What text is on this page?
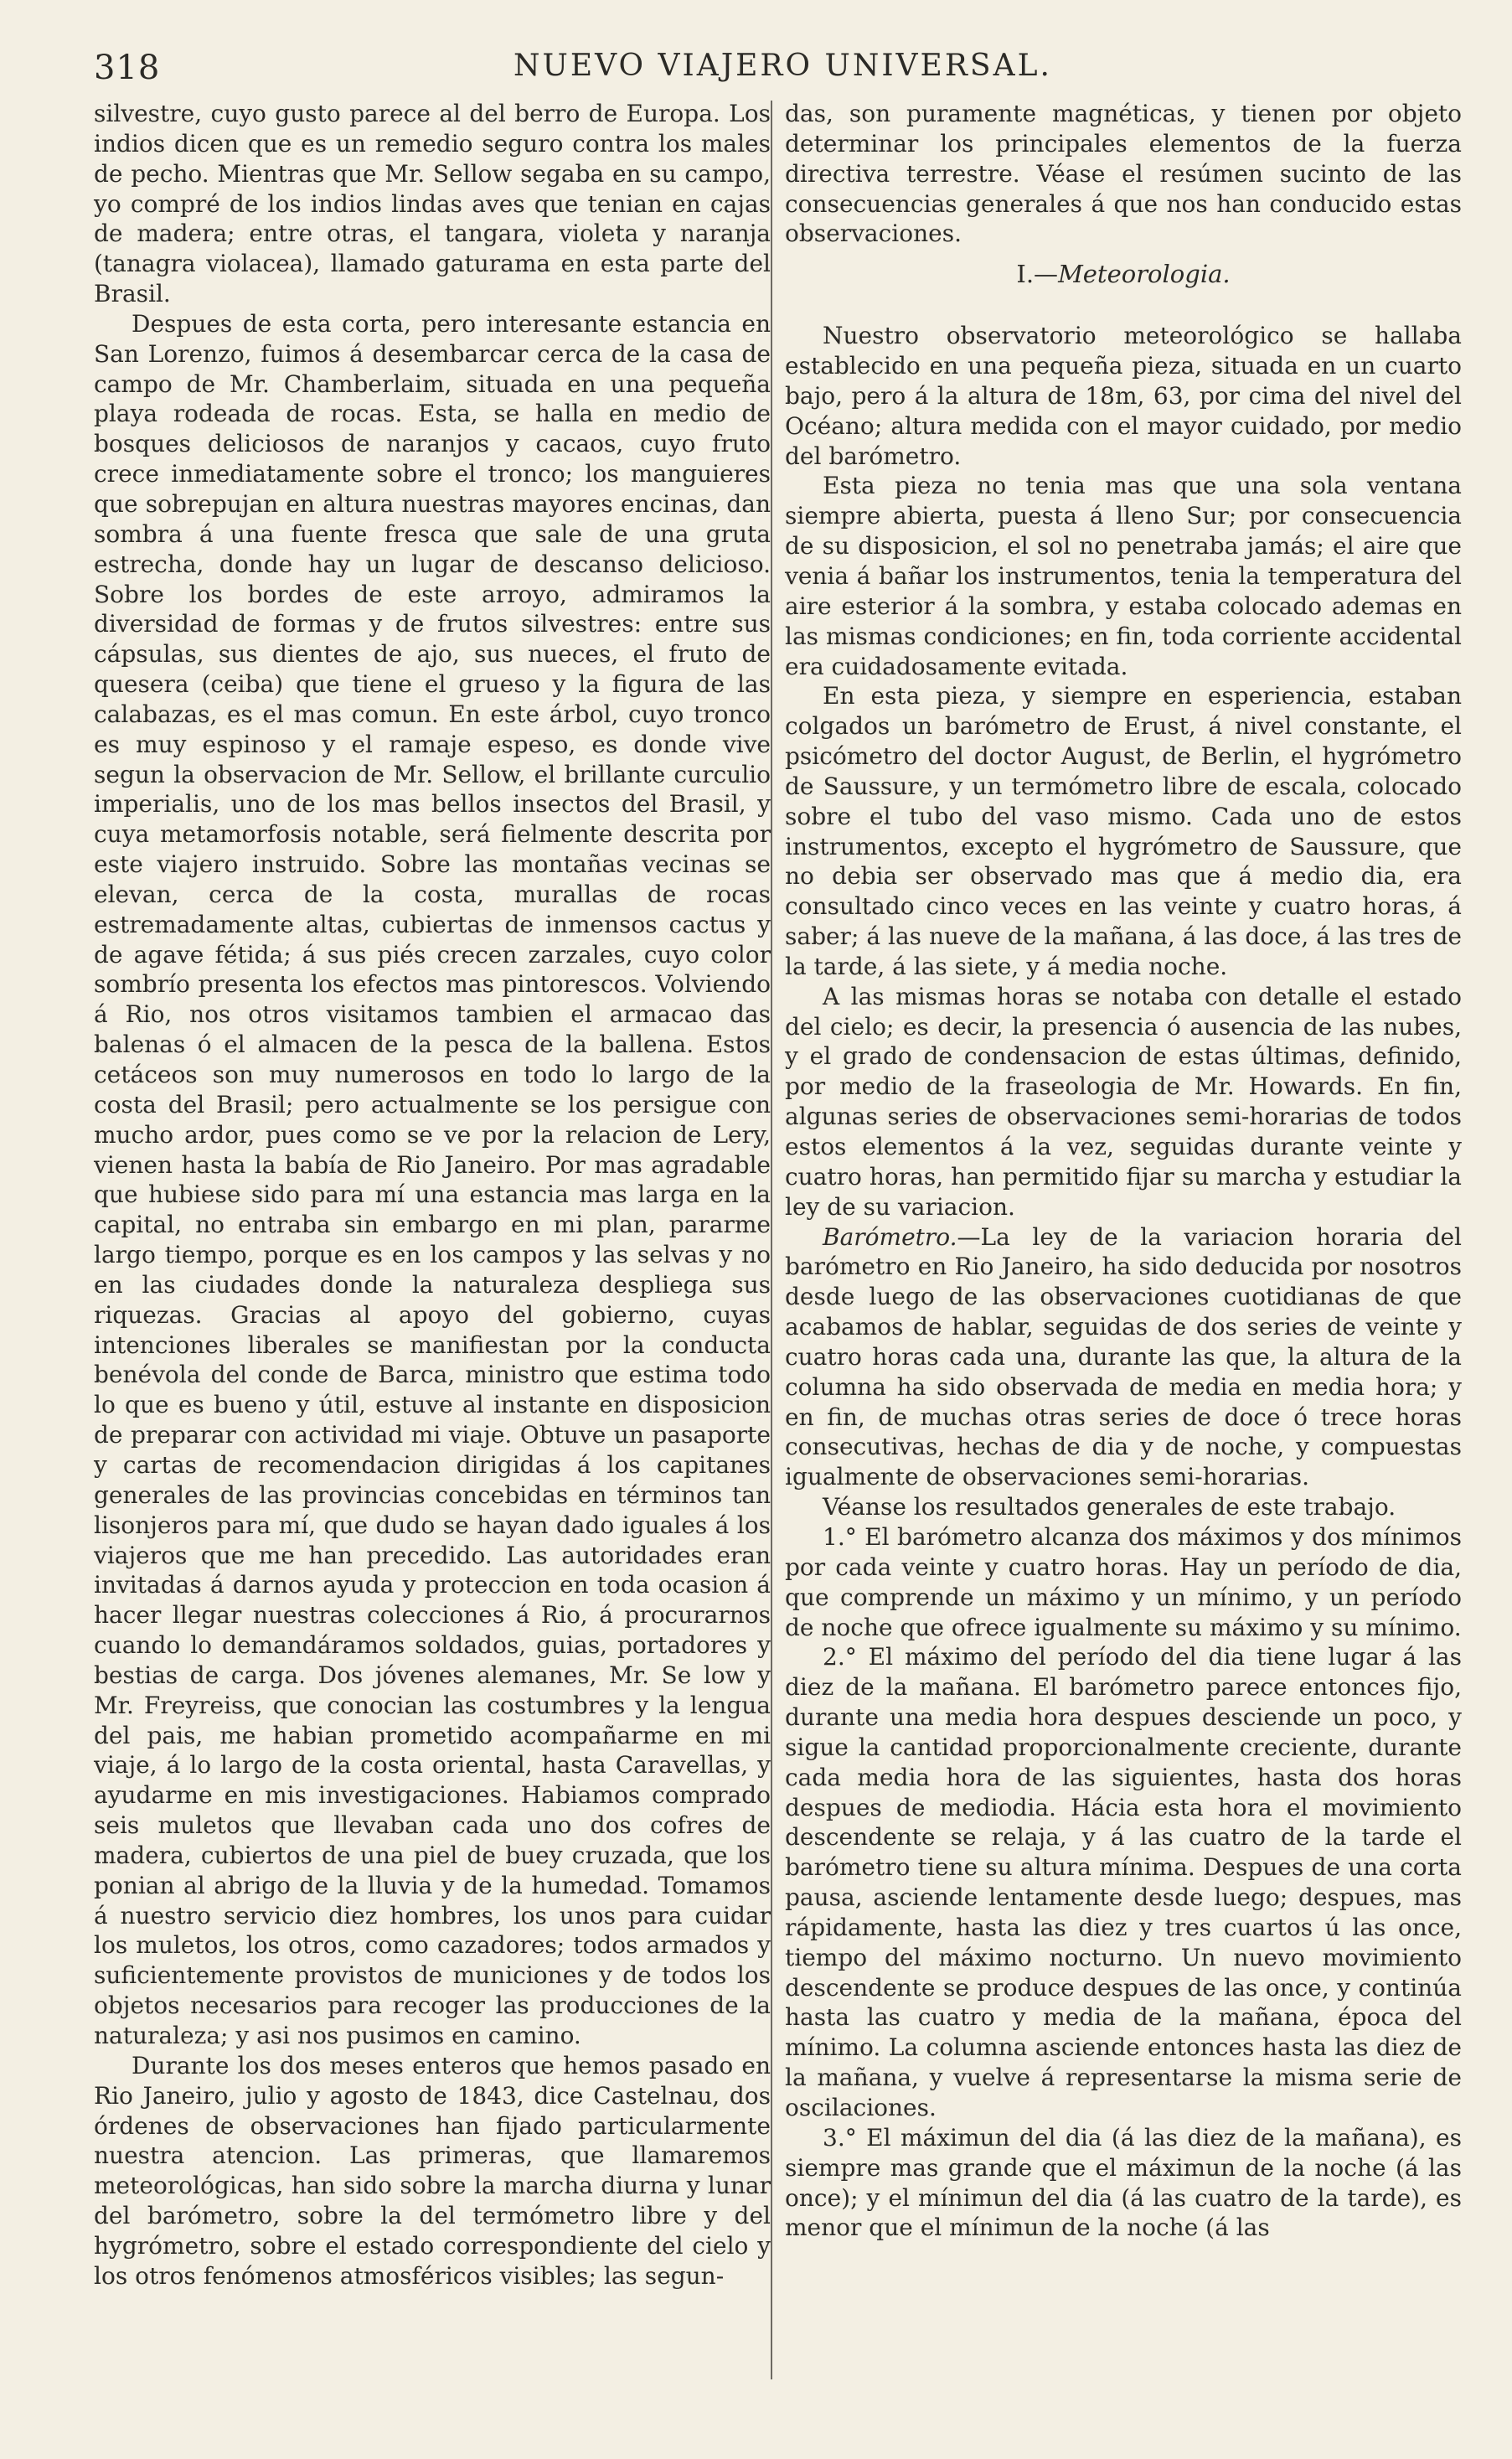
318	NUEVO VIAJERO UNIVERSAL.

silvestre, cuyo gusto parece al del berro de Europa. Los indios dicen que es un remedio seguro contra los males de pecho. Mientras que Mr. Sellow segaba en su campo, yo compré de los indios lindas aves que tenian en cajas de madera; entre otras, el tangara, violeta y naranja (tanagra violacea), llamado gaturama en esta parte del Brasil.

Despues de esta corta, pero interesante estancia en San Lorenzo, fuimos á desembarcar cerca de la casa de campo de Mr. Chamberlaim, situada en una pequeña playa rodeada de rocas. Esta, se halla en medio de bosques deliciosos de naranjos y cacaos, cuyo fruto crece inmediatamente sobre el tronco; los manguieres que sobrepujan en altura nuestras mayores encinas, dan sombra á una fuente fresca que sale de una gruta estrecha, donde hay un lugar de descanso delicioso. Sobre los bordes de este arroyo, admiramos la diversidad de formas y de frutos silvestres: entre sus cápsulas, sus dientes de ajo, sus nueces, el fruto de quesera (ceiba) que tiene el grueso y la figura de las calabazas, es el mas comun. En este árbol, cuyo tronco es muy espinoso y el ramaje espeso, es donde vive segun la observacion de Mr. Sellow, el brillante curculio imperialis, uno de los mas bellos insectos del Brasil, y cuya metamorfosis notable, será fielmente descrita por este viajero instruido. Sobre las montañas vecinas se elevan, cerca de la costa, murallas de rocas estremadamente altas, cubiertas de inmensos cactus y de agave fétida; á sus piés crecen zarzales, cuyo color sombrío presenta los efectos mas pintorescos. Volviendo á Rio, nos otros visitamos tambien el armacao das balenas ó el almacen de la pesca de la ballena. Estos cetáceos son muy numerosos en todo lo largo de la costa del Brasil; pero actualmente se los persigue con mucho ardor, pues como se ve por la relacion de Lery, vienen hasta la babía de Rio Janeiro. Por mas agradable que hubiese sido para mí una estancia mas larga en la capital, no entraba sin embargo en mi plan, pararme largo tiempo, porque es en los campos y las selvas y no en las ciudades donde la naturaleza despliega sus riquezas. Gracias al apoyo del gobierno, cuyas intenciones liberales se manifiestan por la conducta benévola del conde de Barca, ministro que estima todo lo que es bueno y útil, estuve al instante en disposicion de preparar con actividad mi viaje. Obtuve un pasaporte y cartas de recomendacion dirigidas á los capitanes generales de las provincias concebidas en términos tan lisonjeros para mí, que dudo se hayan dado iguales á los viajeros que me han precedido. Las autoridades eran invitadas á darnos ayuda y proteccion en toda ocasion á hacer llegar nuestras colecciones á Rio, á procurarnos cuando lo demandáramos soldados, guias, portadores y bestias de carga. Dos jóvenes alemanes, Mr. Se low y Mr. Freyreiss, que conocian las costumbres y la lengua del pais, me habian prometido acompañarme en mi viaje, á lo largo de la costa oriental, hasta Caravellas, y ayudarme en mis investigaciones. Habiamos comprado seis muletos que llevaban cada uno dos cofres de madera, cubiertos de una piel de buey cruzada, que los ponian al abrigo de la lluvia y de la humedad. Tomamos á nuestro servicio diez hombres, los unos para cuidar los muletos, los otros, como cazadores; todos armados y suficientemente provistos de municiones y de todos los objetos necesarios para recoger las producciones de la naturaleza; y asi nos pusimos en camino.

Durante los dos meses enteros que hemos pasado en Rio Janeiro, julio y agosto de 1843, dice Castelnau, dos órdenes de observaciones han fijado particularmente nuestra atencion. Las primeras, que llamaremos meteorológicas, han sido sobre la marcha diurna y lunar del barómetro, sobre la del termómetro libre y del hygrómetro, sobre el estado correspondiente del cielo y los otros fenómenos atmosféricos visibles; las segun-

das, son puramente magnéticas, y tienen por objeto determinar los principales elementos de la fuerza directiva terrestre. Véase el resúmen sucinto de las consecuencias generales á que nos han conducido estas observaciones.

I.—Meteorologia.

Nuestro observatorio meteorológico se hallaba establecido en una pequeña pieza, situada en un cuarto bajo, pero á la altura de 18m, 63, por cima del nivel del Océano; altura medida con el mayor cuidado, por medio del barómetro.

Esta pieza no tenia mas que una sola ventana siempre abierta, puesta á lleno Sur; por consecuencia de su disposicion, el sol no penetraba jamás; el aire que venia á bañar los instrumentos, tenia la temperatura del aire esterior á la sombra, y estaba colocado ademas en las mismas condiciones; en fin, toda corriente accidental era cuidadosamente evitada.

En esta pieza, y siempre en esperiencia, estaban colgados un barómetro de Erust, á nivel constante, el psicómetro del doctor August, de Berlin, el hygrómetro de Saussure, y un termómetro libre de escala, colocado sobre el tubo del vaso mismo. Cada uno de estos instrumentos, excepto el hygrómetro de Saussure, que no debia ser observado mas que á medio dia, era consultado cinco veces en las veinte y cuatro horas, á saber; á las nueve de la mañana, á las doce, á las tres de la tarde, á las siete, y á media noche.

A las mismas horas se notaba con detalle el estado del cielo; es decir, la presencia ó ausencia de las nubes, y el grado de condensacion de estas últimas, definido, por medio de la fraseologia de Mr. Howards. En fin, algunas series de observaciones semi-horarias de todos estos elementos á la vez, seguidas durante veinte y cuatro horas, han permitido fijar su marcha y estudiar la ley de su variacion.

Barómetro.—La ley de la variacion horaria del barómetro en Rio Janeiro, ha sido deducida por nosotros desde luego de las observaciones cuotidianas de que acabamos de hablar, seguidas de dos series de veinte y cuatro horas cada una, durante las que, la altura de la columna ha sido observada de media en media hora; y en fin, de muchas otras series de doce ó trece horas consecutivas, hechas de dia y de noche, y compuestas igualmente de observaciones semi-horarias.

Véanse los resultados generales de este trabajo.

1.° El barómetro alcanza dos máximos y dos mínimos por cada veinte y cuatro horas. Hay un período de dia, que comprende un máximo y un mínimo, y un período de noche que ofrece igualmente su máximo y su mínimo.

2.° El máximo del período del dia tiene lugar á las diez de la mañana. El barómetro parece entonces fijo, durante una media hora despues desciende un poco, y sigue la cantidad proporcionalmente creciente, durante cada media hora de las siguientes, hasta dos horas despues de mediodia. Hácia esta hora el movimiento descendente se relaja, y á las cuatro de la tarde el barómetro tiene su altura mínima. Despues de una corta pausa, asciende lentamente desde luego; despues, mas rápidamente, hasta las diez y tres cuartos ú las once, tiempo del máximo nocturno. Un nuevo movimiento descendente se produce despues de las once, y continúa hasta las cuatro y media de la mañana, época del mínimo. La columna asciende entonces hasta las diez de la mañana, y vuelve á representarse la misma serie de oscilaciones.

3.° El máximun del dia (á las diez de la mañana), es siempre mas grande que el máximun de la noche (á las once); y el mínimun del dia (á las cuatro de la tarde), es menor que el mínimun de la noche (á las
